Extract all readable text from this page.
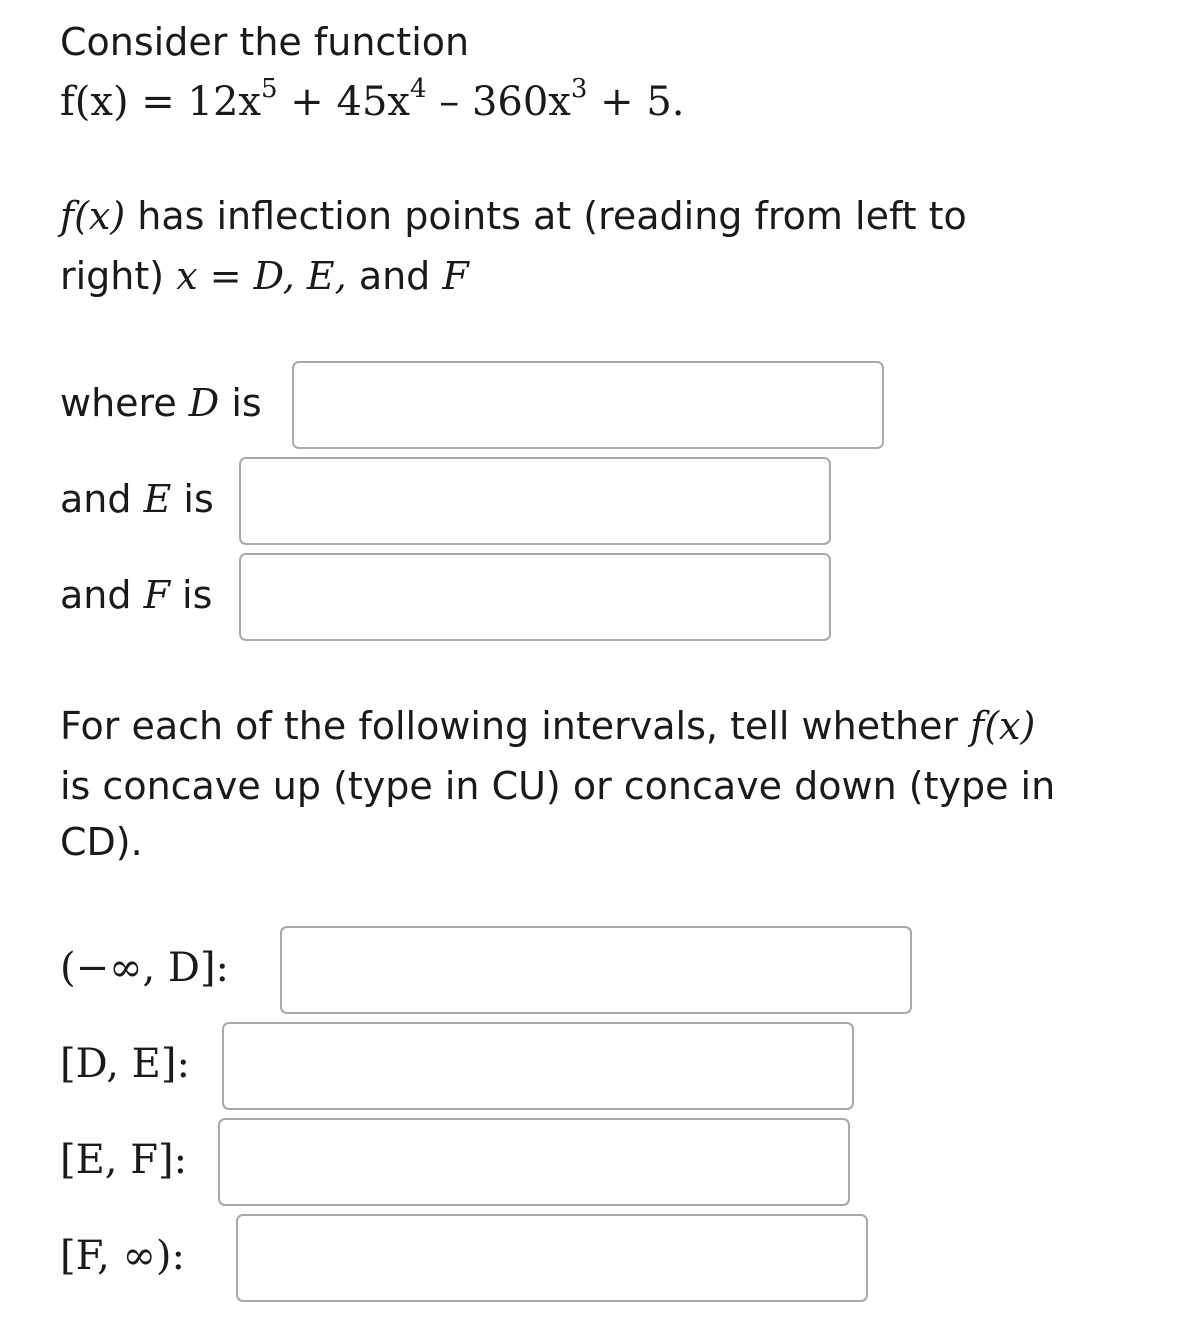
Consider the function
$f(x) = 12x^5 + 45x^4 - 360x^3 + 5$.
f(x) has inflection points at (reading from left to
right) x = D, E, and F
where D is
and E is
and F is
For each of the following intervals, tell whether f(x)
is concave up (type in CU) or concave down (type in
CD).
(−∞, D]:
[D, E]:
[E, F]:
[F, ∞):
